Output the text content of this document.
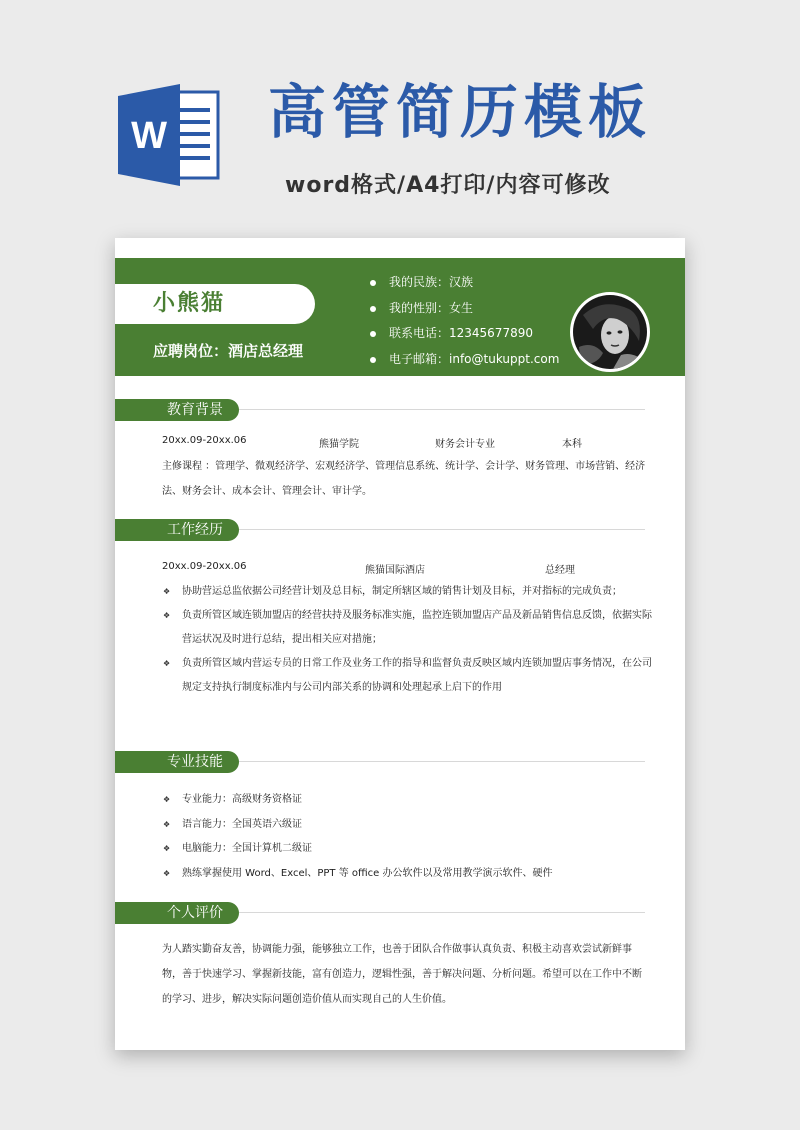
W 高管简历模板
word格式/A4打印/内容可修改
小熊猫
应聘岗位：酒店总经理
我的民族：汉族
我的性别：女生
联系电话：12345677890
电子邮箱：info@tukuppt.com
教育背景
20xx.09-20xx.06	熊猫学院	财务会计专业	本科
主修课程 ：管理学、微观经济学、宏观经济学、管理信息系统、统计学、会计学、财务管理、市场营销、经济法、财务会计、成本会计、管理会计、审计学。
工作经历
20xx.09-20xx.06	熊猫国际酒店	总经理
❖ 协助营运总监依据公司经营计划及总目标，制定所辖区域的销售计划及目标，并对指标的完成负责；
❖ 负责所管区域连锁加盟店的经营扶持及服务标准实施，监控连锁加盟店产品及新品销售信息反馈，依据实际营运状况及时进行总结，提出相关应对措施；
❖ 负责所管区域内营运专员的日常工作及业务工作的指导和监督负责反映区域内连锁加盟店事务情况，在公司规定支持执行制度标准内与公司内部关系的协调和处理起承上启下的作用
专业技能
❖ 专业能力：高级财务资格证
❖ 语言能力：全国英语六级证
❖ 电脑能力：全国计算机二级证
❖ 熟练掌握使用 Word、Excel、PPT 等 office 办公软件以及常用教学演示软件、硬件
个人评价
为人踏实勤奋友善，协调能力强，能够独立工作，也善于团队合作做事认真负责、积极主动喜欢尝试新鲜事物，善于快速学习、掌握新技能，富有创造力，逻辑性强，善于解决问题、分析问题。希望可以在工作中不断的学习、进步，解决实际问题创造价值从而实现自己的人生价值。
